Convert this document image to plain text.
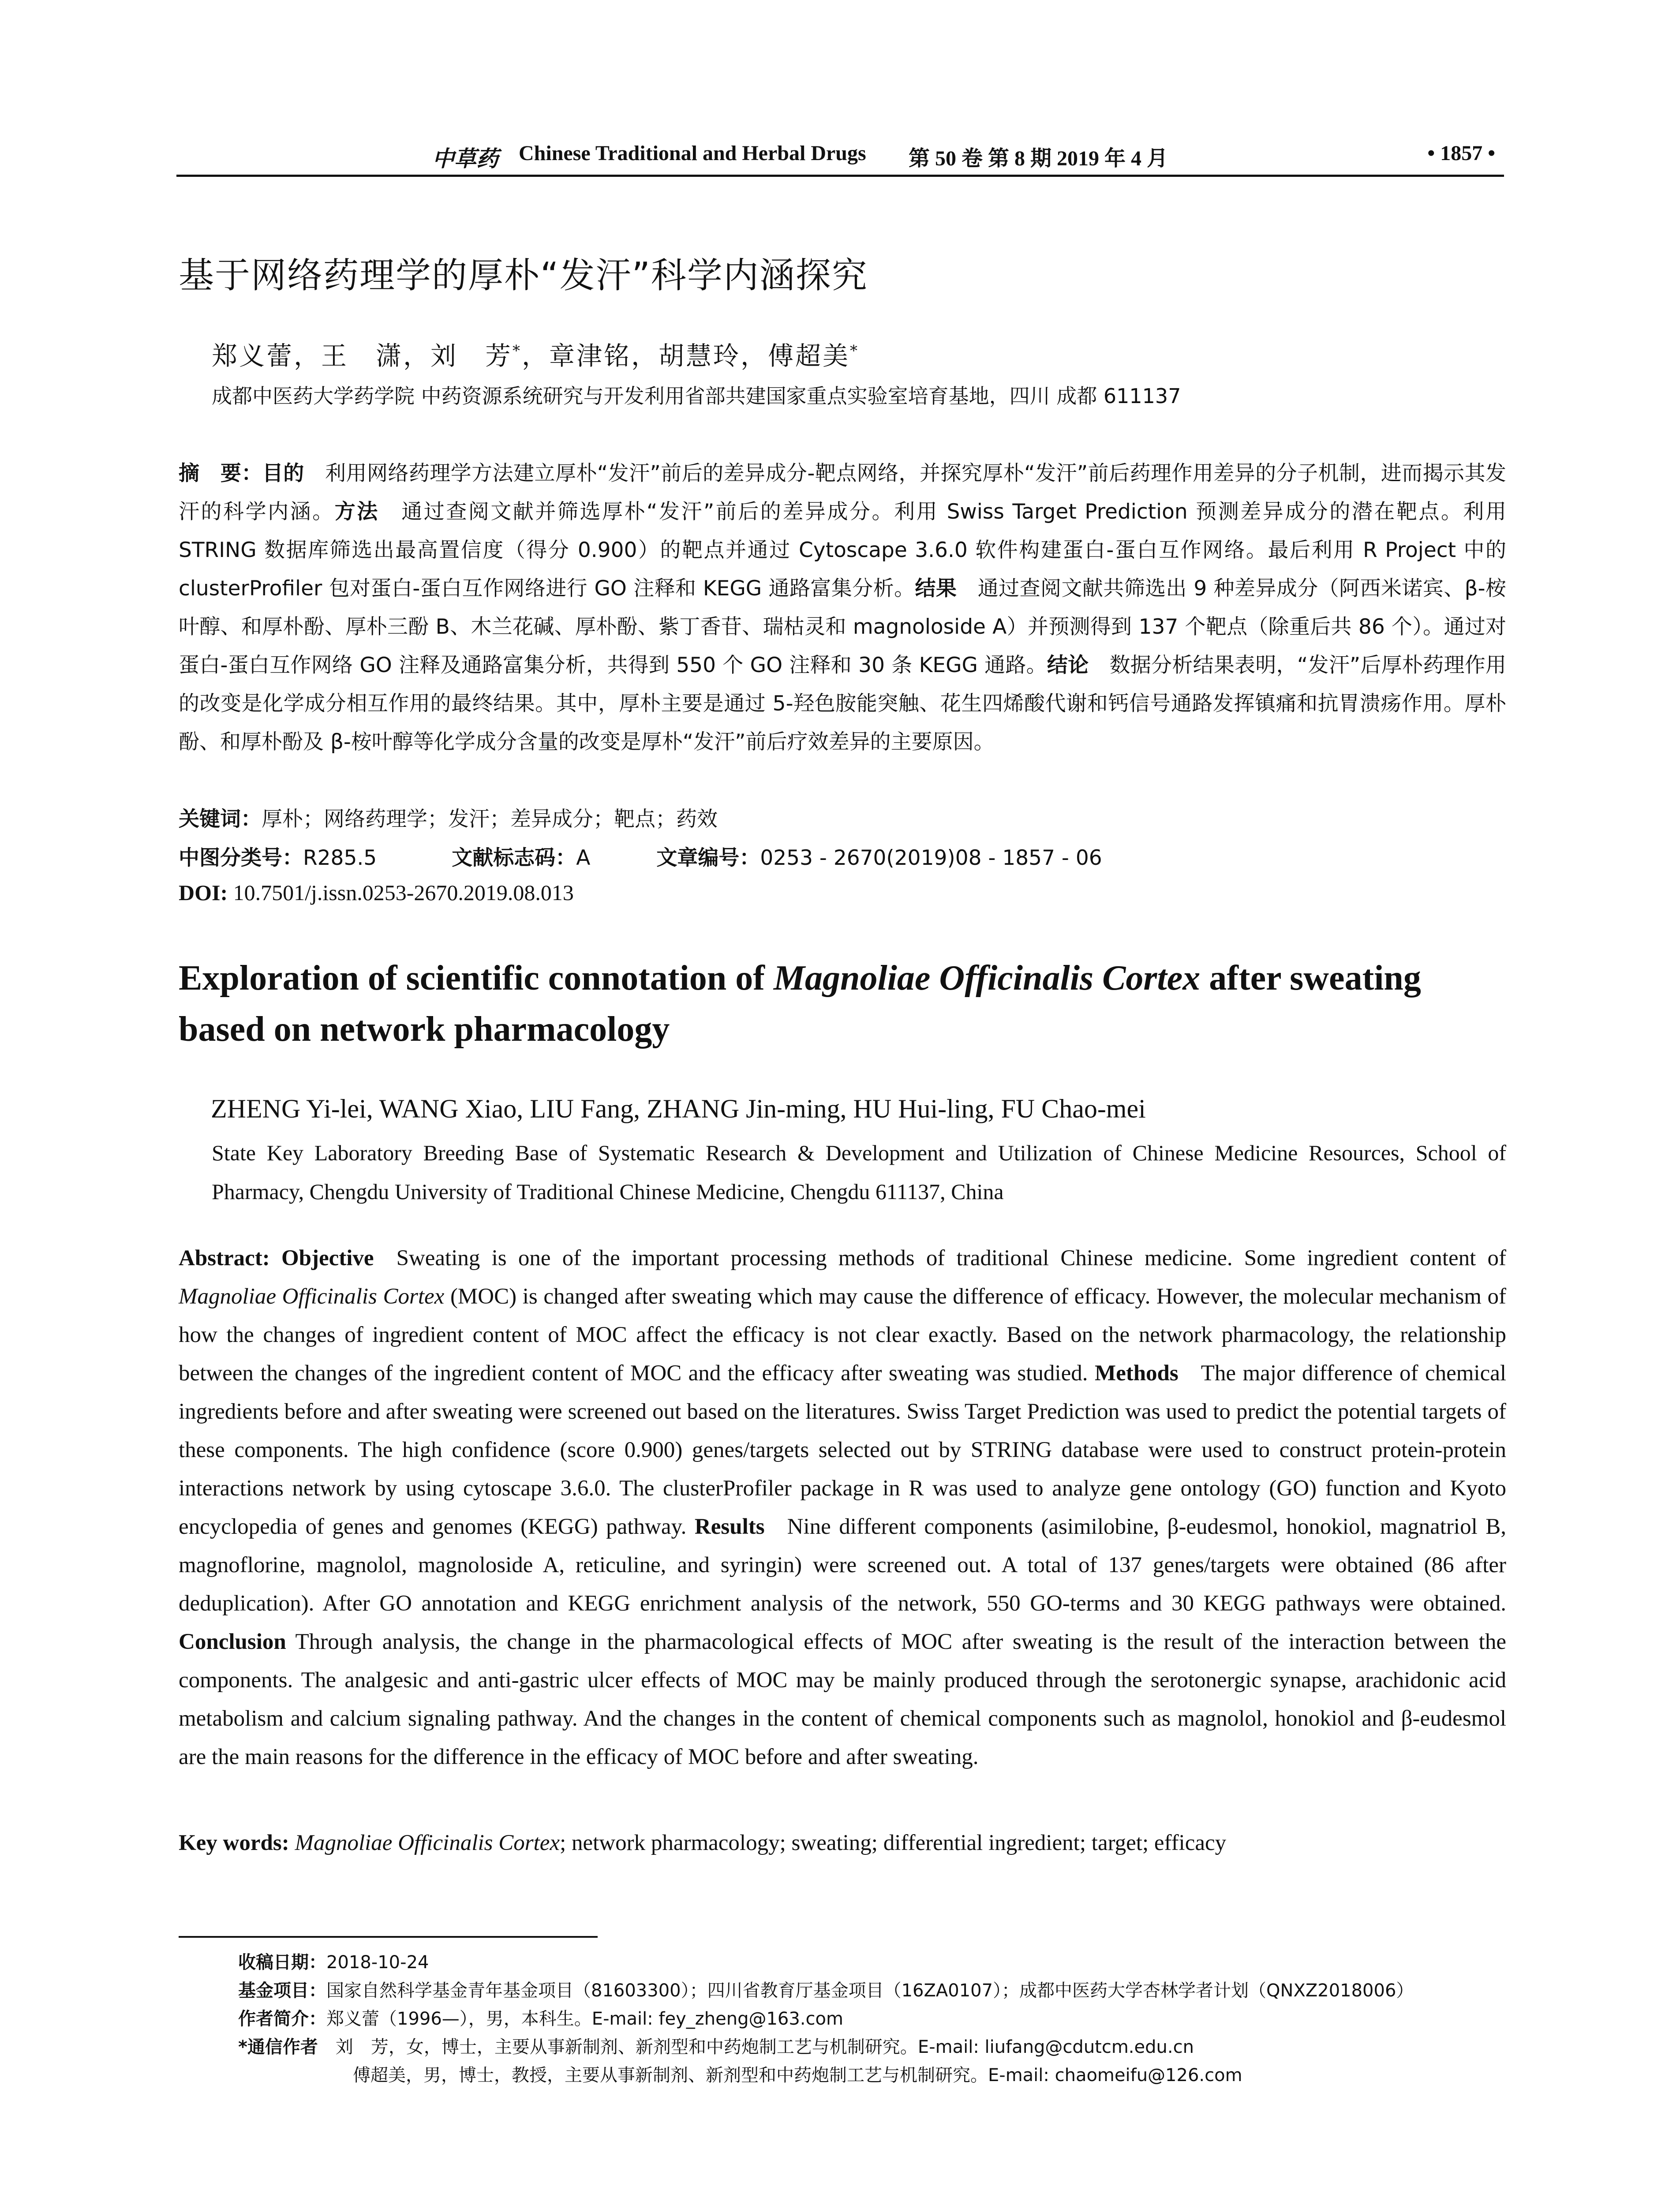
中草药 Chinese Traditional and Herbal Drugs 第 50 卷 第 8 期 2019 年 4 月	• 1857 •
基于网络药理学的厚朴“发汗”科学内涵探究
郑义蕾，王　潇，刘　芳*，章津铭，胡慧玲，傅超美*
成都中医药大学药学院 中药资源系统研究与开发利用省部共建国家重点实验室培育基地，四川 成都 611137
摘　要：目的  利用网络药理学方法建立厚朴“发汗”前后的差异成分-靶点网络，并探究厚朴“发汗”前后药理作用差异的分子机制，进而揭示其发汗的科学内涵。方法  通过查阅文献并筛选厚朴“发汗”前后的差异成分。利用 Swiss Target Prediction 预测差异成分的潜在靶点。利用 STRING 数据库筛选出最高置信度（得分 0.900）的靶点并通过 Cytoscape 3.6.0 软件构建蛋白-蛋白互作网络。最后利用 R Project 中的 clusterProfiler 包对蛋白-蛋白互作网络进行 GO 注释和 KEGG 通路富集分析。结果  通过查阅文献共筛选出 9 种差异成分（阿西米诺宾、β-桉叶醇、和厚朴酚、厚朴三酚 B、木兰花碱、厚朴酚、紫丁香苷、瑞枯灵和 magnoloside A）并预测得到 137 个靶点（除重后共 86 个）。通过对蛋白-蛋白互作网络 GO 注释及通路富集分析，共得到 550 个 GO 注释和 30 条 KEGG 通路。结论  数据分析结果表明，“发汗”后厚朴药理作用的改变是化学成分相互作用的最终结果。其中，厚朴主要是通过 5-羟色胺能突触、花生四烯酸代谢和钙信号通路发挥镇痛和抗胃溃疡作用。厚朴酚、和厚朴酚及 β-桉叶醇等化学成分含量的改变是厚朴“发汗”前后疗效差异的主要原因。
关键词：厚朴；网络药理学；发汗；差异成分；靶点；药效
中图分类号：R285.5	文献标志码：A	文章编号：0253 - 2670(2019)08 - 1857 - 06
DOI: 10.7501/j.issn.0253-2670.2019.08.013
Exploration of scientific connotation of Magnoliae Officinalis Cortex after sweating based on network pharmacology
ZHENG Yi-lei, WANG Xiao, LIU Fang, ZHANG Jin-ming, HU Hui-ling, FU Chao-mei
State Key Laboratory Breeding Base of Systematic Research & Development and Utilization of Chinese Medicine Resources, School of Pharmacy, Chengdu University of Traditional Chinese Medicine, Chengdu 611137, China
Abstract: Objective   Sweating is one of the important processing methods of traditional Chinese medicine. Some ingredient content of Magnoliae Officinalis Cortex (MOC) is changed after sweating which may cause the difference of efficacy. However, the molecular mechanism of how the changes of ingredient content of MOC affect the efficacy is not clear exactly. Based on the network pharmacology, the relationship between the changes of the ingredient content of MOC and the efficacy after sweating was studied. Methods   The major difference of chemical ingredients before and after sweating were screened out based on the literatures. Swiss Target Prediction was used to predict the potential targets of these components. The high confidence (score 0.900) genes/targets selected out by STRING database were used to construct protein-protein interactions network by using cytoscape 3.6.0. The clusterProfiler package in R was used to analyze gene ontology (GO) function and Kyoto encyclopedia of genes and genomes (KEGG) pathway. Results   Nine different components (asimilobine, β-eudesmol, honokiol, magnatriol B, magnoflorine, magnolol, magnoloside A, reticuline, and syringin) were screened out. A total of 137 genes/targets were obtained (86 after deduplication). After GO annotation and KEGG enrichment analysis of the network, 550 GO-terms and 30 KEGG pathways were obtained. Conclusion Through analysis, the change in the pharmacological effects of MOC after sweating is the result of the interaction between the components. The analgesic and anti-gastric ulcer effects of MOC may be mainly produced through the serotonergic synapse, arachidonic acid metabolism and calcium signaling pathway. And the changes in the content of chemical components such as magnolol, honokiol and β-eudesmol are the main reasons for the difference in the efficacy of MOC before and after sweating.
Key words: Magnoliae Officinalis Cortex; network pharmacology; sweating; differential ingredient; target; efficacy
收稿日期：2018-10-24
基金项目：国家自然科学基金青年基金项目（81603300）；四川省教育厅基金项目（16ZA0107）；成都中医药大学杏林学者计划（QNXZ2018006）
作者简介：郑义蕾（1996—），男，本科生。E-mail: fey_zheng@163.com
*通信作者 刘　芳，女，博士，主要从事新制剂、新剂型和中药炮制工艺与机制研究。E-mail: liufang@cdutcm.edu.cn
傅超美，男，博士，教授，主要从事新制剂、新剂型和中药炮制工艺与机制研究。E-mail: chaomeifu@126.com
